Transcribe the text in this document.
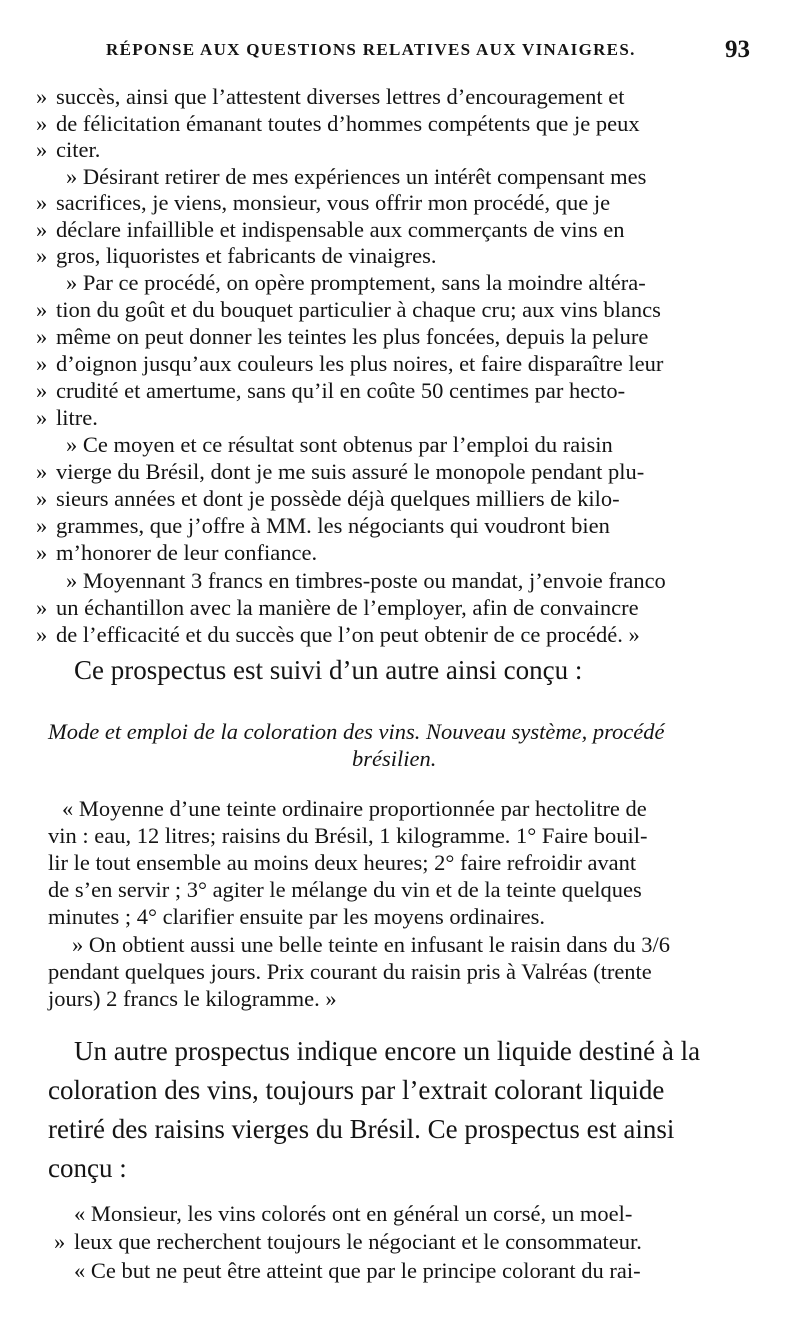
RÉPONSE AUX QUESTIONS RELATIVES AUX VINAIGRES.	93
» succès, ainsi que l’attestent diverses lettres d’encouragement et
» de félicitation émanant toutes d’hommes compétents que je peux
» citer.
» Désirant retirer de mes expériences un intérêt compensant mes
» sacrifices, je viens, monsieur, vous offrir mon procédé, que je
» déclare infaillible et indispensable aux commerçants de vins en
» gros, liquoristes et fabricants de vinaigres.
» Par ce procédé, on opère promptement, sans la moindre altéra-
» tion du goût et du bouquet particulier à chaque cru; aux vins blancs
» même on peut donner les teintes les plus foncées, depuis la pelure
» d’oignon jusqu’aux couleurs les plus noires, et faire disparaître leur
» crudité et amertume, sans qu’il en coûte 50 centimes par hecto-
» litre.
» Ce moyen et ce résultat sont obtenus par l’emploi du raisin
» vierge du Brésil, dont je me suis assuré le monopole pendant plu-
» sieurs années et dont je possède déjà quelques milliers de kilo-
» grammes, que j’offre à MM. les négociants qui voudront bien
» m’honorer de leur confiance.
» Moyennant 3 francs en timbres-poste ou mandat, j’envoie franco
» un échantillon avec la manière de l’employer, afin de convaincre
» de l’efficacité et du succès que l’on peut obtenir de ce procédé. »
Ce prospectus est suivi d’un autre ainsi conçu :
Mode et emploi de la coloration des vins. Nouveau système, procédé
brésilien.
« Moyenne d’une teinte ordinaire proportionnée par hectolitre de
vin : eau, 12 litres; raisins du Brésil, 1 kilogramme. 1° Faire bouil-
lir le tout ensemble au moins deux heures; 2° faire refroidir avant
de s’en servir ; 3° agiter le mélange du vin et de la teinte quelques
minutes ; 4° clarifier ensuite par les moyens ordinaires.
» On obtient aussi une belle teinte en infusant le raisin dans du 3/6
pendant quelques jours. Prix courant du raisin pris à Valréas (trente
jours) 2 francs le kilogramme. »
Un autre prospectus indique encore un liquide destiné à la
coloration des vins, toujours par l’extrait colorant liquide
retiré des raisins vierges du Brésil. Ce prospectus est ainsi
conçu :
« Monsieur, les vins colorés ont en général un corsé, un moel-
» leux que recherchent toujours le négociant et le consommateur.
« Ce but ne peut être atteint que par le principe colorant du rai-
